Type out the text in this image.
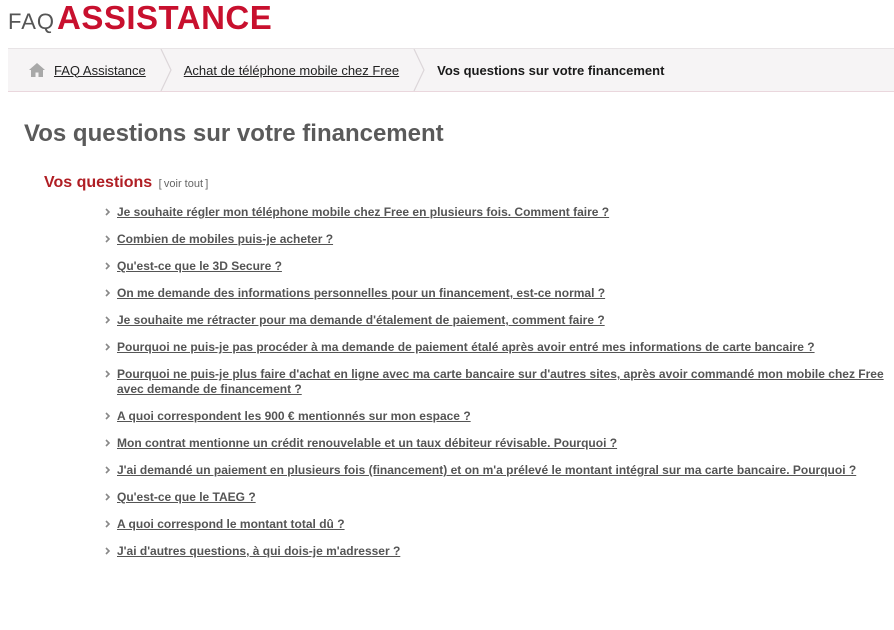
FAQASSISTANCE
FAQ Assistance	Achat de téléphone mobile chez Free	Vos questions sur votre financement
Vos questions sur votre financement
Vos questions [  voir tout  ]
Je souhaite régler mon téléphone mobile chez Free en plusieurs fois. Comment faire ?
Combien de mobiles puis-je acheter ?
Qu'est-ce que le 3D Secure ?
On me demande des informations personnelles pour un financement, est-ce normal ?
Je souhaite me rétracter pour ma demande d'étalement de paiement, comment faire ?
Pourquoi ne puis-je pas procéder à ma demande de paiement étalé après avoir entré mes informations de carte bancaire ?
Pourquoi ne puis-je plus faire d'achat en ligne avec ma carte bancaire sur d'autres sites, après avoir commandé mon mobile chez Free avec demande de financement ?
A quoi correspondent les 900 € mentionnés sur mon espace ?
Mon contrat mentionne un crédit renouvelable et un taux débiteur révisable. Pourquoi ?
J'ai demandé un paiement en plusieurs fois (financement) et on m'a prélevé le montant intégral sur ma carte bancaire. Pourquoi ?
Qu'est-ce que le TAEG ?
A quoi correspond le montant total dû ?
J'ai d'autres questions, à qui dois-je m'adresser ?
